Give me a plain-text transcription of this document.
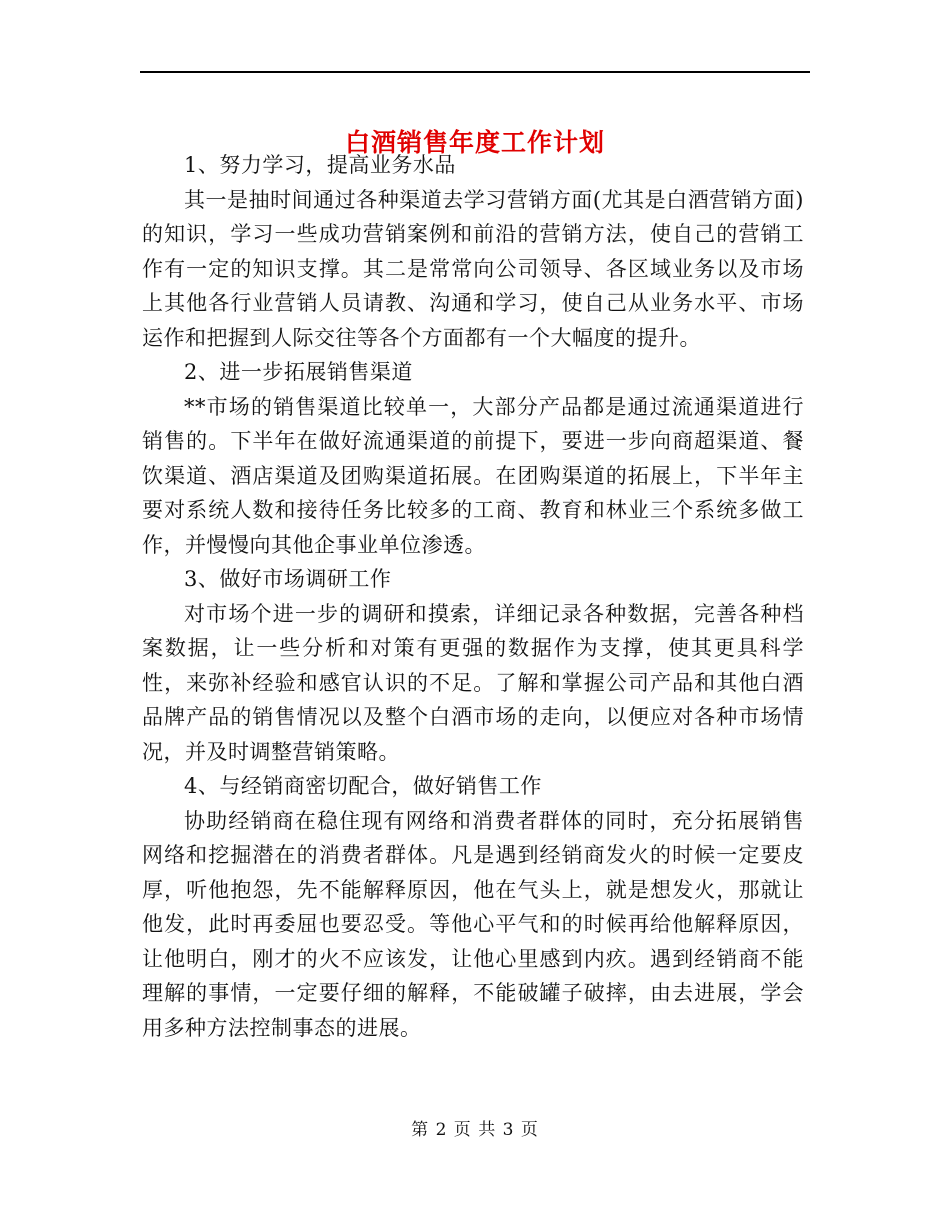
白酒销售年度工作计划

1、努力学习，提高业务水品

其一是抽时间通过各种渠道去学习营销方面(尤其是白酒营销方面)的知识，学习一些成功营销案例和前沿的营销方法，使自己的营销工作有一定的知识支撑。其二是常常向公司领导、各区域业务以及市场上其他各行业营销人员请教、沟通和学习，使自己从业务水平、市场运作和把握到人际交往等各个方面都有一个大幅度的提升。

2、进一步拓展销售渠道

**市场的销售渠道比较单一，大部分产品都是通过流通渠道进行销售的。下半年在做好流通渠道的前提下，要进一步向商超渠道、餐饮渠道、酒店渠道及团购渠道拓展。在团购渠道的拓展上，下半年主要对系统人数和接待任务比较多的工商、教育和林业三个系统多做工作，并慢慢向其他企事业单位渗透。

3、做好市场调研工作

对市场个进一步的调研和摸索，详细记录各种数据，完善各种档案数据，让一些分析和对策有更强的数据作为支撑，使其更具科学性，来弥补经验和感官认识的不足。了解和掌握公司产品和其他白酒品牌产品的销售情况以及整个白酒市场的走向，以便应对各种市场情况，并及时调整营销策略。

4、与经销商密切配合，做好销售工作

协助经销商在稳住现有网络和消费者群体的同时，充分拓展销售网络和挖掘潜在的消费者群体。凡是遇到经销商发火的时候一定要皮厚，听他抱怨，先不能解释原因，他在气头上，就是想发火，那就让他发，此时再委屈也要忍受。等他心平气和的时候再给他解释原因，让他明白，刚才的火不应该发，让他心里感到内疚。遇到经销商不能理解的事情，一定要仔细的解释，不能破罐子破摔，由去进展，学会用多种方法控制事态的进展。

第 2 页 共 3 页
